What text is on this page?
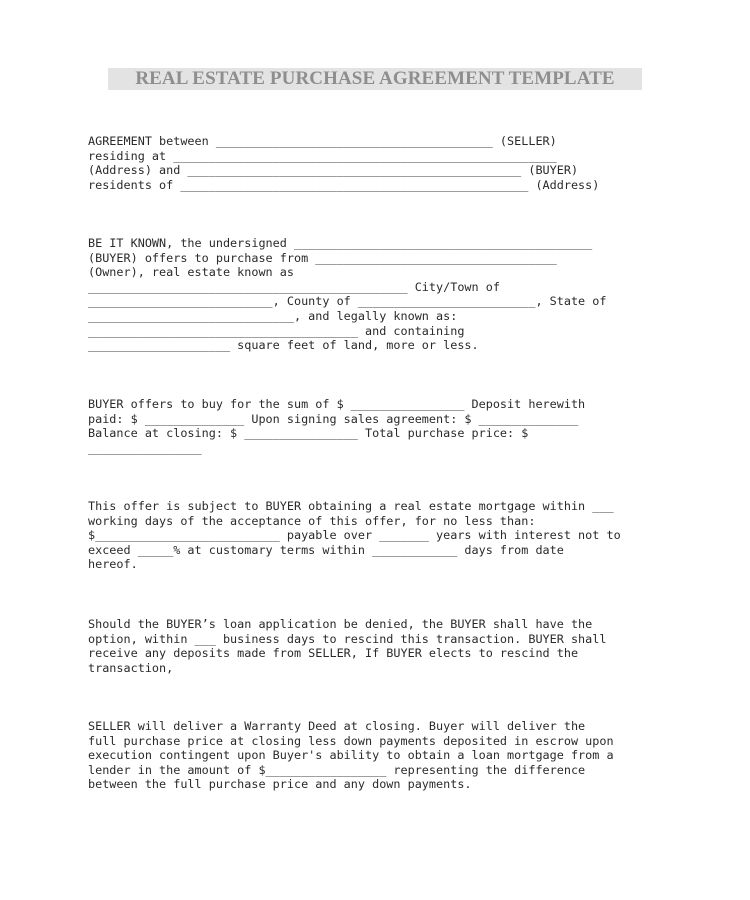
REAL ESTATE PURCHASE AGREEMENT TEMPLATE
AGREEMENT between _______________________________________ (SELLER)
residing at ______________________________________________________
(Address) and _______________________________________________ (BUYER)
residents of _________________________________________________ (Address)
BE IT KNOWN, the undersigned __________________________________________
(BUYER) offers to purchase from __________________________________
(Owner), real estate known as
_____________________________________________ City/Town of
__________________________, County of _________________________, State of
_____________________________, and legally known as:
______________________________________ and containing
____________________ square feet of land, more or less.
BUYER offers to buy for the sum of $ ________________ Deposit herewith
paid: $ ______________ Upon signing sales agreement: $ ______________
Balance at closing: $ ________________ Total purchase price: $
________________
This offer is subject to BUYER obtaining a real estate mortgage within ___
working days of the acceptance of this offer, for no less than:
$__________________________ payable over _______ years with interest not to
exceed _____% at customary terms within ____________ days from date
hereof.
Should the BUYER’s loan application be denied, the BUYER shall have the
option, within ___ business days to rescind this transaction. BUYER shall
receive any deposits made from SELLER, If BUYER elects to rescind the
transaction,
SELLER will deliver a Warranty Deed at closing. Buyer will deliver the
full purchase price at closing less down payments deposited in escrow upon
execution contingent upon Buyer's ability to obtain a loan mortgage from a
lender in the amount of $_________________ representing the difference
between the full purchase price and any down payments.
